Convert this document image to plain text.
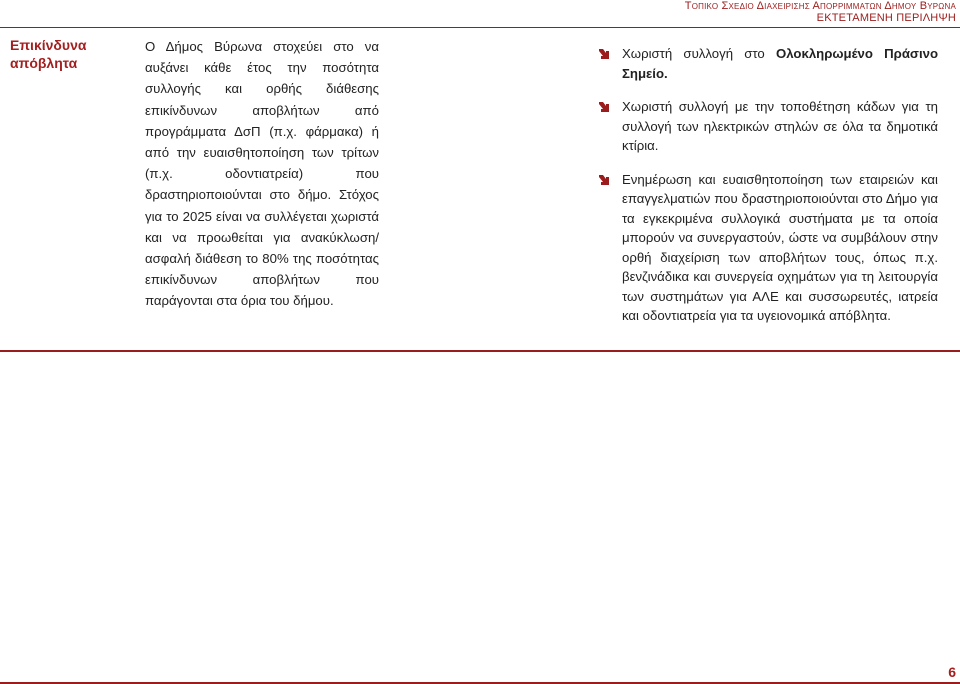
Τοπικο Σχεδιο Διαχειρισης Απορριμματων Δημου Βυρωνα
ΕΚΤΕΤΑΜΕΝΗ ΠΕΡΙΛΗΨΗ
Επικίνδυνα απόβλητα
Ο Δήμος Βύρωνα στοχεύει στο να αυξάνει κάθε έτος την ποσότητα συλλογής και ορθής διάθεσης επικίνδυνων αποβλήτων από προγράμματα ΔσΠ (π.χ. φάρμακα) ή από την ευαισθητοποίηση των τρίτων (π.χ. οδοντιατρεία) που δραστηριοποιούνται στο δήμο. Στόχος για το 2025 είναι να συλλέγεται χωριστά και να προωθείται για ανακύκλωση/ ασφαλή διάθεση το 80% της ποσότητας επικίνδυνων αποβλήτων που παράγονται στα όρια του δήμου.
Χωριστή συλλογή στο Ολοκληρωμένο Πράσινο Σημείο.
Χωριστή συλλογή με την τοποθέτηση κάδων για τη συλλογή των ηλεκτρικών στηλών σε όλα τα δημοτικά κτίρια.
Ενημέρωση και ευαισθητοποίηση των εταιρειών και επαγγελματιών που δραστηριοποιούνται στο Δήμο για τα εγκεκριμένα συλλογικά συστήματα με τα οποία μπορούν να συνεργαστούν, ώστε να συμβάλουν στην ορθή διαχείριση των αποβλήτων τους, όπως π.χ. βενζινάδικα και συνεργεία οχημάτων για τη λειτουργία των συστημάτων για ΑΛΕ και συσσωρευτές, ιατρεία και οδοντιατρεία για τα υγειονομικά απόβλητα.
6
